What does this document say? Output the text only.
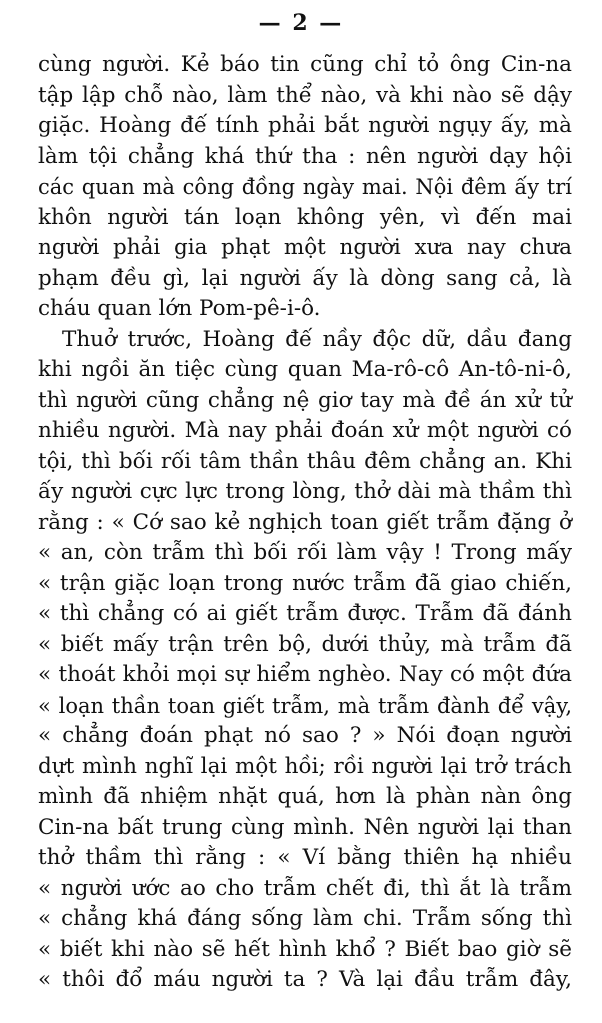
— 2 —
cùng người. Kẻ báo tin cũng chỉ tỏ ông Cin-na
tập lập chỗ nào, làm thể nào, và khi nào sẽ dậy
giặc. Hoàng đế tính phải bắt người ngụy ấy, mà
làm tội chẳng khá thứ tha : nên người dạy hội
các quan mà công đồng ngày mai. Nội đêm ấy trí
khôn người tán loạn không yên, vì đến mai
người phải gia phạt một người xưa nay chưa
phạm đều gì, lại người ấy là dòng sang cả, là
cháu quan lớn Pom-pê-i-ô.
Thuở trước, Hoàng đế nầy độc dữ, dầu đang
khi ngồi ăn tiệc cùng quan Ma-rô-cô An-tô-ni-ô,
thì người cũng chẳng nệ giơ tay mà đề án xử tử
nhiều người. Mà nay phải đoán xử một người có
tội, thì bối rối tâm thần thâu đêm chẳng an. Khi
ấy người cực lực trong lòng, thở dài mà thầm thì
rằng : « Cớ sao kẻ nghịch toan giết trẫm đặng ở
« an, còn trẫm thì bối rối làm vậy ! Trong mấy
« trận giặc loạn trong nước trẫm đã giao chiến,
« thì chẳng có ai giết trẫm được. Trẫm đã đánh
« biết mấy trận trên bộ, dưới thủy, mà trẫm đã
« thoát khỏi mọi sự hiểm nghèo. Nay có một đứa
« loạn thần toan giết trẫm, mà trẫm đành để vậy,
« chẳng đoán phạt nó sao ? » Nói đoạn người
dựt mình nghĩ lại một hồi; rồi người lại trở trách
mình đã nhiệm nhặt quá, hơn là phàn nàn ông
Cin-na bất trung cùng mình. Nên người lại than
thở thầm thì rằng : « Ví bằng thiên hạ nhiều
« người ước ao cho trẫm chết đi, thì ắt là trẫm
« chẳng khá đáng sống làm chi. Trẫm sống thì
« biết khi nào sẽ hết hình khổ ? Biết bao giờ sẽ
« thôi đổ máu người ta ? Và lại đầu trẫm đây,
